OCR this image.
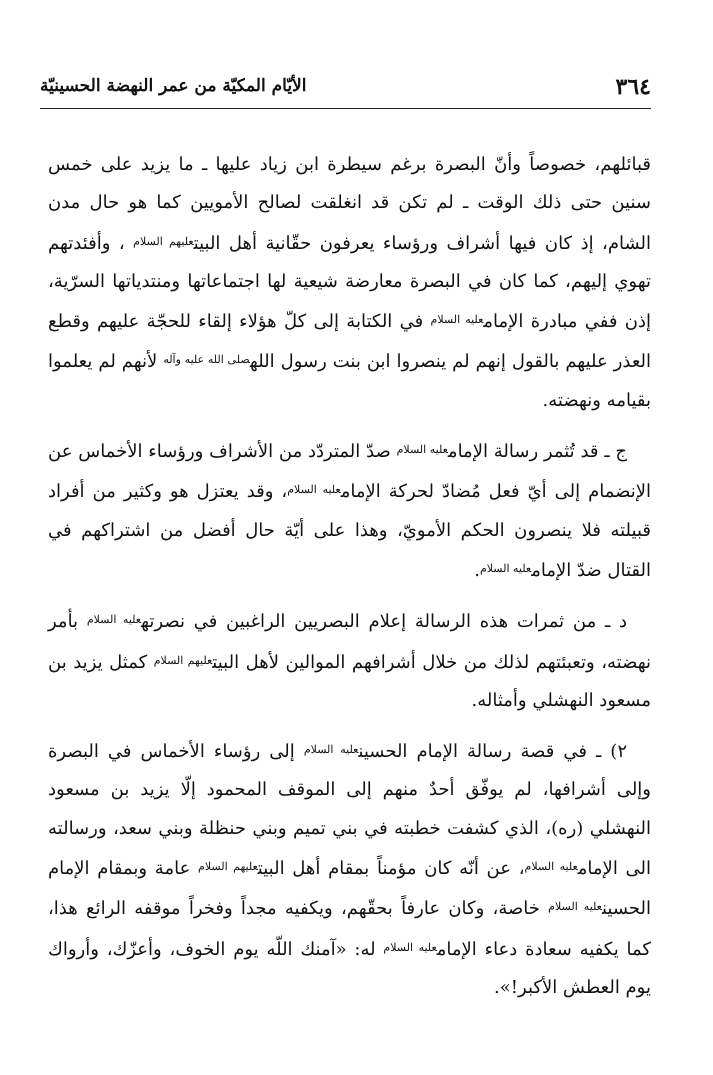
٣٦٤
الأيّام المكيّة من عمر النهضة الحسينيّة

قبائلهم، خصوصاً وأنّ البصرة برغم سيطرة ابن زياد عليها ـ ما يزيد على خمس سنين حتى ذلك الوقت ـ لم تكن قد انغلقت لصالح الأمويين كما هو حال مدن الشام، إذ كان فيها أشراف ورؤساء يعرفون حقّانية أهل البيت$^{عليهم السلام}$ ، وأفئدتهم تهوي إليهم، كما كان في البصرة معارضة شيعية لها اجتماعاتها ومنتدياتها السرّية، إذن ففي مبادرة الإمام$^{عليه السلام}$ في الكتابة إلى كلّ هؤلاء إلقاء للحجّة عليهم وقطع العذر عليهم بالقول إنهم لم ينصروا ابن بنت رسول الله$^{صلى الله عليه وآله}$ لأنهم لم يعلموا بقيامه ونهضته.

ج ـ قد تُثمر رسالة الإمام$^{عليه السلام}$ صدّ المتردّد من الأشراف ورؤساء الأخماس عن الإنضمام إلى أيّ فعل مُضادّ لحركة الإمام$^{عليه السلام}$، وقد يعتزل هو وكثير من أفراد قبيلته فلا ينصرون الحكم الأمويّ، وهذا على أيّة حال أفضل من اشتراكهم في القتال ضدّ الإمام$^{عليه السلام}$.

د ـ من ثمرات هذه الرسالة إعلام البصريين الراغبين في نصرته$^{عليه السلام}$ بأمر نهضته، وتعبئتهم لذلك من خلال أشرافهم الموالين لأهل البيت$^{عليهم السلام}$ كمثل يزيد بن مسعود النهشلي وأمثاله.

٢) ـ في قصة رسالة الإمام الحسين$^{عليه السلام}$ إلى رؤساء الأخماس في البصرة وإلى أشرافها، لم يوفّق أحدٌ منهم إلى الموقف المحمود إلّا يزيد بن مسعود النهشلي (ره)، الذي كشفت خطبته في بني تميم وبني حنظلة وبني سعد، ورسالته الى الإمام$^{عليه السلام}$، عن أنّه كان مؤمناً بمقام أهل البيت$^{عليهم السلام}$ عامة وبمقام الإمام الحسين$^{عليه السلام}$ خاصة، وكان عارفاً بحقّهم، ويكفيه مجداً وفخراً موقفه الرائع هذا، كما يكفيه سعادة دعاء الإمام$^{عليه السلام}$ له: «آمنك اللّه يوم الخوف، وأعزّك، وأرواك يوم العطش الأكبر!».
